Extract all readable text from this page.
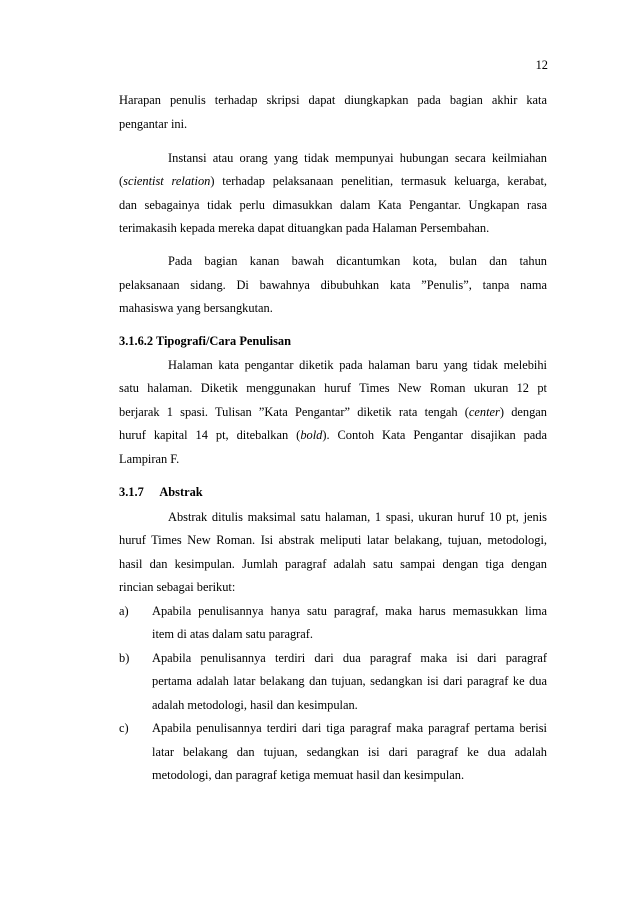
12
Harapan penulis terhadap skripsi dapat diungkapkan pada bagian akhir kata
pengantar ini.
Instansi atau orang yang tidak mempunyai hubungan secara keilmiahan
(scientist relation) terhadap pelaksanaan penelitian, termasuk keluarga, kerabat,
dan sebagainya tidak perlu dimasukkan dalam Kata Pengantar. Ungkapan rasa
terimakasih kepada mereka dapat dituangkan pada Halaman Persembahan.
Pada bagian kanan bawah dicantumkan kota, bulan dan tahun
pelaksanaan sidang. Di bawahnya dibubuhkan kata ”Penulis”, tanpa nama
mahasiswa yang bersangkutan.
3.1.6.2 Tipografi/Cara Penulisan
Halaman kata pengantar diketik pada halaman baru yang tidak melebihi
satu halaman. Diketik menggunakan huruf Times New Roman ukuran 12 pt
berjarak 1 spasi. Tulisan ”Kata Pengantar” diketik rata tengah (center) dengan
huruf kapital 14 pt, ditebalkan (bold). Contoh Kata Pengantar disajikan pada
Lampiran F.
3.1.7 Abstrak
Abstrak ditulis maksimal satu halaman, 1 spasi, ukuran huruf 10 pt, jenis
huruf Times New Roman. Isi abstrak meliputi latar belakang, tujuan, metodologi,
hasil dan kesimpulan. Jumlah paragraf adalah satu sampai dengan tiga dengan
rincian sebagai berikut:
a) Apabila penulisannya hanya satu paragraf, maka harus memasukkan lima
item di atas dalam satu paragraf.
b) Apabila penulisannya terdiri dari dua paragraf maka isi dari paragraf
pertama adalah latar belakang dan tujuan, sedangkan isi dari paragraf ke dua
adalah metodologi, hasil dan kesimpulan.
c) Apabila penulisannya terdiri dari tiga paragraf maka paragraf pertama berisi
latar belakang dan tujuan, sedangkan isi dari paragraf ke dua adalah
metodologi, dan paragraf ketiga memuat hasil dan kesimpulan.
